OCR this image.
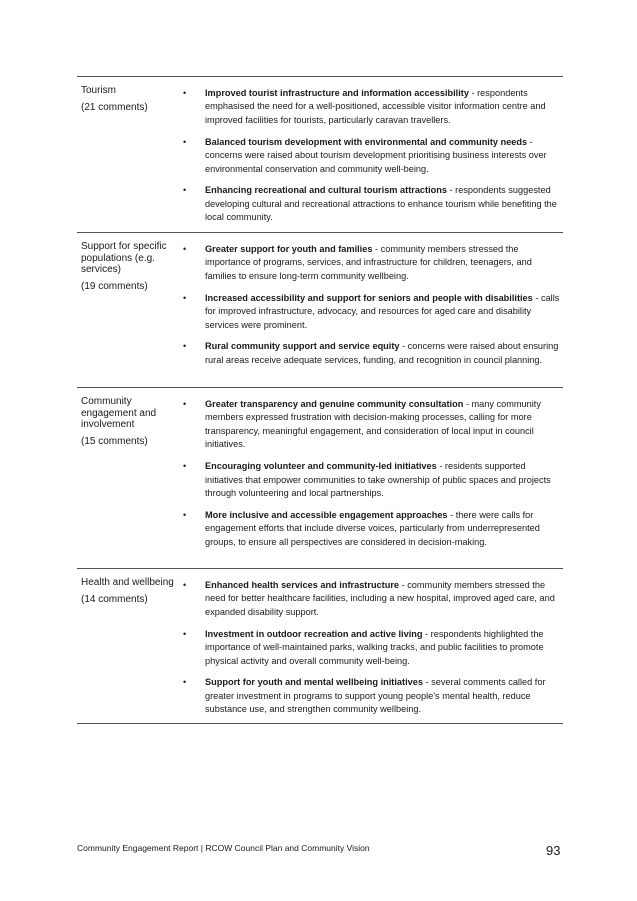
Tourism
(21 comments)
• Improved tourist infrastructure and information accessibility - respondents emphasised the need for a well-positioned, accessible visitor information centre and improved facilities for tourists, particularly caravan travellers.
• Balanced tourism development with environmental and community needs - concerns were raised about tourism development prioritising business interests over environmental conservation and community well-being.
• Enhancing recreational and cultural tourism attractions - respondents suggested developing cultural and recreational attractions to enhance tourism while benefiting the local community.
Support for specific populations (e.g. services)
(19 comments)
• Greater support for youth and families - community members stressed the importance of programs, services, and infrastructure for children, teenagers, and families to ensure long-term community wellbeing.
• Increased accessibility and support for seniors and people with disabilities - calls for improved infrastructure, advocacy, and resources for aged care and disability services were prominent.
• Rural community support and service equity - concerns were raised about ensuring rural areas receive adequate services, funding, and recognition in council planning.
Community engagement and involvement
(15 comments)
• Greater transparency and genuine community consultation - many community members expressed frustration with decision-making processes, calling for more transparency, meaningful engagement, and consideration of local input in council initiatives.
• Encouraging volunteer and community-led initiatives - residents supported initiatives that empower communities to take ownership of public spaces and projects through volunteering and local partnerships.
• More inclusive and accessible engagement approaches - there were calls for engagement efforts that include diverse voices, particularly from underrepresented groups, to ensure all perspectives are considered in decision-making.
Health and wellbeing
(14 comments)
• Enhanced health services and infrastructure - community members stressed the need for better healthcare facilities, including a new hospital, improved aged care, and expanded disability support.
• Investment in outdoor recreation and active living - respondents highlighted the importance of well-maintained parks, walking tracks, and public facilities to promote physical activity and overall community well-being.
• Support for youth and mental wellbeing initiatives - several comments called for greater investment in programs to support young people's mental health, reduce substance use, and strengthen community wellbeing.
Community Engagement Report | RCOW Council Plan and Community Vision	93
